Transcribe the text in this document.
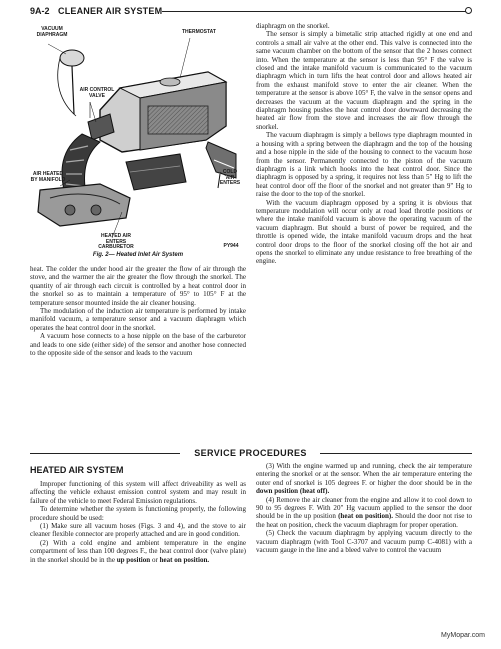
9A-2 CLEANER AIR SYSTEM
VACUUM
DIAPHRAGM	THERMOSTAT
AIR CONTROL
VALVE
COLD
AIR
ENTERS
AIR HEATED
BY MANIFOLD
HEATED AIR
ENTERS
CARBURETOR	PY944
Fig. 2— Heated Inlet Air System

heat. The colder the under hood air the greater the flow of air through the stove, and the warmer the air the greater the flow through the snorkel. The quantity of air through each circuit is controlled by a heat control door in the snorkel so as to maintain a temperature of 95° to 105° F at the temperature sensor mounted inside the air cleaner housing.

The modulation of the induction air temperature is performed by intake manifold vacuum, a temperature sensor and a vacuum diaphragm which operates the heat control door in the snorkel.

A vacuum hose connects to a hose nipple on the base of the carburetor and leads to one side (either side) of the sensor and another hose connected to the opposite side of the sensor and leads to the vacuum

diaphragm on the snorkel.

The sensor is simply a bimetalic strip attached rigidly at one end and controls a small air valve at the other end. This valve is connected into the same vacuum chamber on the bottom of the sensor that the 2 hoses connect into. When the temperature at the sensor is less than 95° F the valve is closed and the intake manifold vacuum is communicated to the vacuum diaphragm which in turn lifts the heat control door and allows heated air from the exhaust manifold stove to enter the air cleaner. When the temperature at the sensor is above 105° F, the valve in the sensor opens and decreases the vacuum at the vacuum diaphragm and the spring in the diaphragm housing pushes the heat control door downward decreasing the heated air flow from the stove and increases the air flow through the snorkel.

The vacuum diaphragm is simply a bellows type diaphragm mounted in a housing with a spring between the diaphragm and the top of the housing and a hose nipple in the side of the housing to connect to the vacuum hose from the sensor. Permanently connected to the piston of the vacuum diaphragm is a link which hooks into the heat control door. Since the diaphragm is opposed by a spring, it requires not less than 5" Hg to lift the heat control door off the floor of the snorkel and not greater than 9" Hg to raise the door to the top of the snorkel.

With the vacuum diaphragm opposed by a spring it is obvious that temperature modulation will occur only at road load throttle positions or where the intake manifold vacuum is above the operating vacuum of the vacuum diaphragm. But should a burst of power be required, and the throttle is opened wide, the intake manifold vacuum drops and the heat control door drops to the floor of the snorkel closing off the hot air and opens the snorkel to eliminate any undue resistance to free breathing of the engine.

SERVICE PROCEDURES
HEATED AIR SYSTEM

Improper functioning of this system will affect driveability as well as affecting the vehicle exhaust emission control system and may result in failure of the vehicle to meet Federal Emission regulations.

To determine whether the system is functioning properly, the following procedure should be used:

(1) Make sure all vacuum hoses (Figs. 3 and 4), and the stove to air cleaner flexible connector are properly attached and are in good condition.

(2) With a cold engine and ambient temperature in the engine compartment of less than 100 degrees F., the heat control door (valve plate) in the snorkel should be in the up position or heat on position.

(3) With the engine warmed up and running, check the air temperature entering the snorkel or at the sensor. When the air temperature entering the outer end of snorkel is 105 degrees F. or higher the door should be in the down position (heat off).

(4) Remove the air cleaner from the engine and allow it to cool down to 90 to 95 degrees F. With 20" Hg vacuum applied to the sensor the door should be in the up position (heat on position). Should the door not rise to the heat on position, check the vacuum diaphragm for proper operation.

(5) Check the vacuum diaphragm by applying vacuum directly to the vacuum diaphragm (with Tool C-3707 and vacuum pump C-4081) with a vacuum gauge in the line and a bleed valve to control the vacuum

MyMopar.com
